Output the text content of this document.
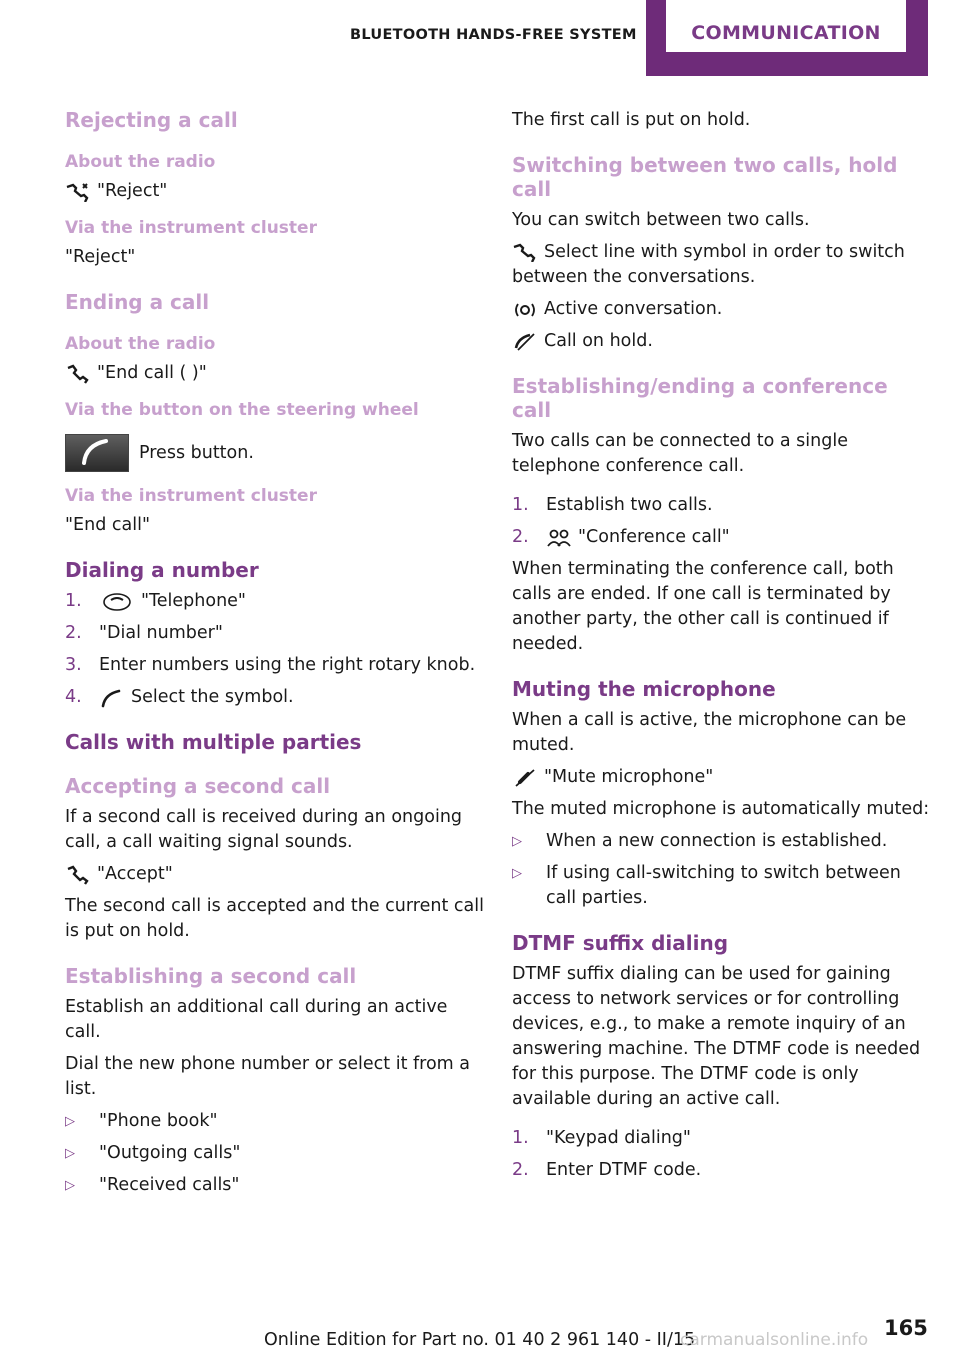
BLUETOOTH HANDS-FREE SYSTEM	COMMUNICATION
Rejecting a call
About the radio
"Reject"
Via the instrument cluster

"Reject"

Ending a call
About the radio
"End call ( )"
Via the button on the steering wheel
Press button.
Via the instrument cluster

"End call"

Dialing a number
1.	"Telephone"
2. "Dial number"
3. Enter numbers using the right rotary knob.
4.	Select the symbol.
Calls with multiple parties
Accepting a second call

If a second call is received during an ongoing call, a call waiting signal sounds.

"Accept"

The second call is accepted and the current call is put on hold.

Establishing a second call

Establish an additional call during an active call.

Dial the new phone number or select it from a list.

▷	"Phone book"
▷	"Outgoing calls"
▷	"Received calls"

The first call is put on hold.

Switching between two calls, hold call

You can switch between two calls.

Select line with symbol in order to switch between the conversations.

Active conversation.
Call on hold.
Establishing/ending a conference call

Two calls can be connected to a single telephone conference call.

1. Establish two calls.
2.	"Conference call"

When terminating the conference call, both calls are ended. If one call is terminated by another party, the other call is continued if needed.

Muting the microphone

When a call is active, the microphone can be muted.

"Mute microphone"

The muted microphone is automatically muted:

▷	When a new connection is established.
▷	If using call-switching to switch between call parties.
DTMF suffix dialing

DTMF suffix dialing can be used for gaining access to network services or for controlling devices, e.g., to make a remote inquiry of an answering machine. The DTMF code is needed for this purpose. The DTMF code is only available during an active call.

1. "Keypad dialing"
2. Enter DTMF code.
Online Edition for Part no. 01 40 2 961 140 - II/15	165
carmanualsonline.info
